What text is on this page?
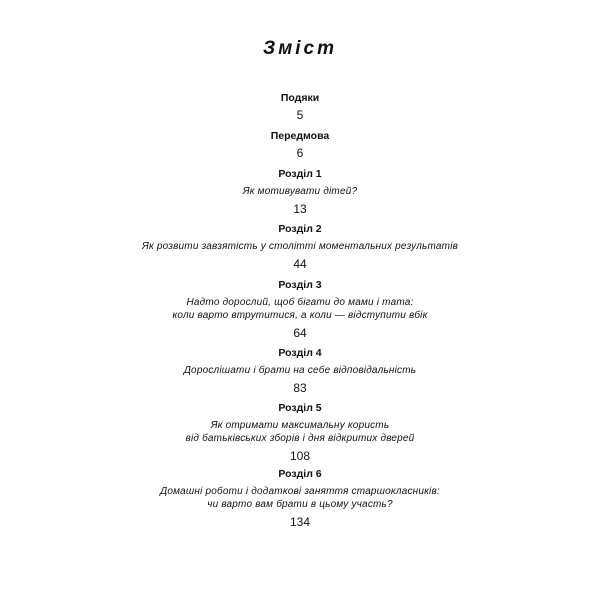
Зміст
Подяки
5
Передмова
6
Розділ 1
Як мотивувати дітей?
13
Розділ 2
Як розвити завзятість у столітті моментальних результатів
44
Розділ 3
Надто дорослий, щоб бігати до мами і тата:
коли варто втрутитися, а коли — відступити вбік
64
Розділ 4
Дорослішати і брати на себе відповідальність
83
Розділ 5
Як отримати максимальну користь
від батьківських зборів і дня відкритих дверей
108
Розділ 6
Домашні роботи і додаткові заняття старшокласників:
чи варто вам брати в цьому участь?
134
